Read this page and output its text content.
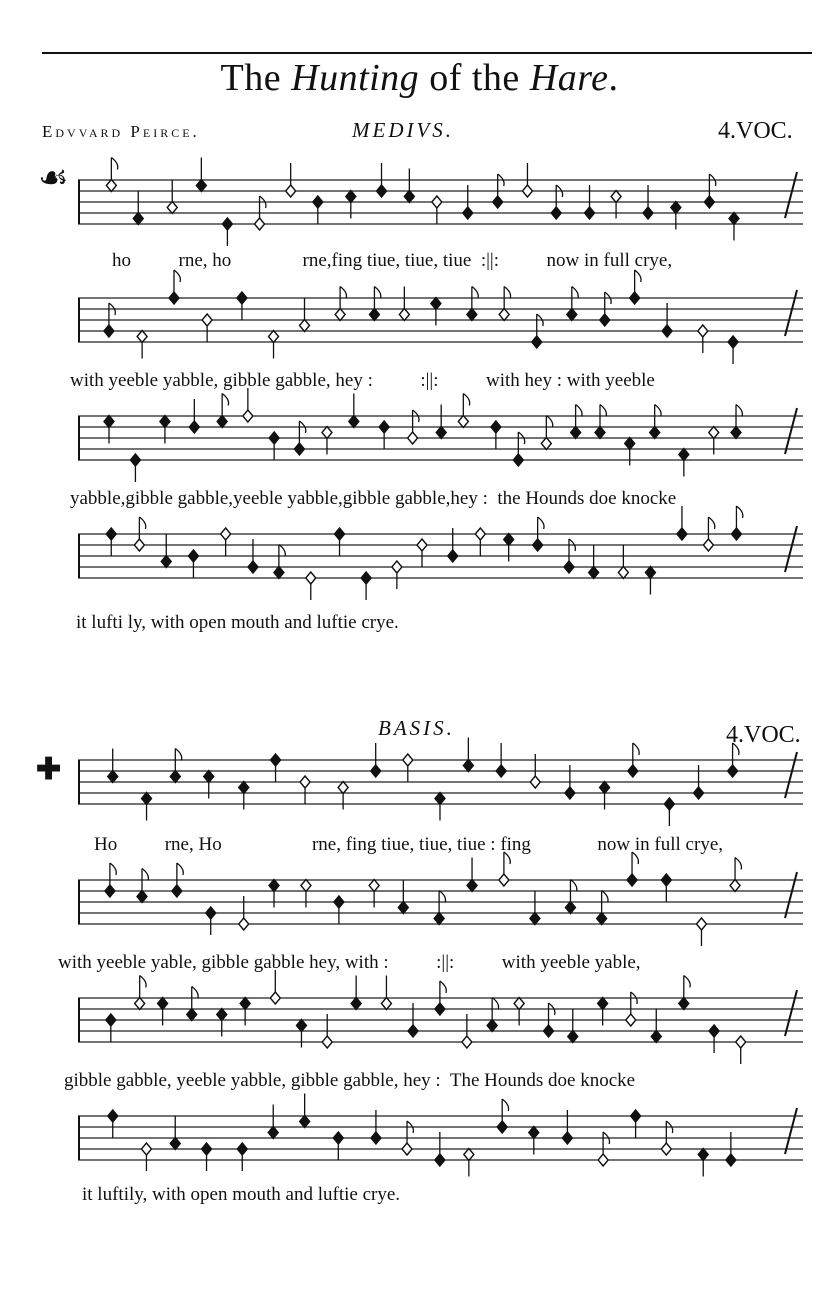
The Hunting of the Hare.
Edvvard Peirce.	MEDIVS.	4.VOC.
☙
ho          rne, ho               rne,fing tiue, tiue, tiue  :||:          now in full crye,
with yeeble yabble, gibble gabble, hey :          :||:          with hey : with yeeble
yabble,gibble gabble,yeeble yabble,gibble gabble,hey :  the Hounds doe knocke
it lufti ly, with open mouth and luftie crye.
BASIS.	4.VOC.
✚
Ho          rne, Ho                   rne, fing tiue, tiue, tiue : fing              now in full crye,
with yeeble yable, gibble gabble hey, with :          :||:          with yeeble yable,
gibble gabble, yeeble yabble, gibble gabble, hey :  The Hounds doe knocke
it luftily, with open mouth and luftie crye.
